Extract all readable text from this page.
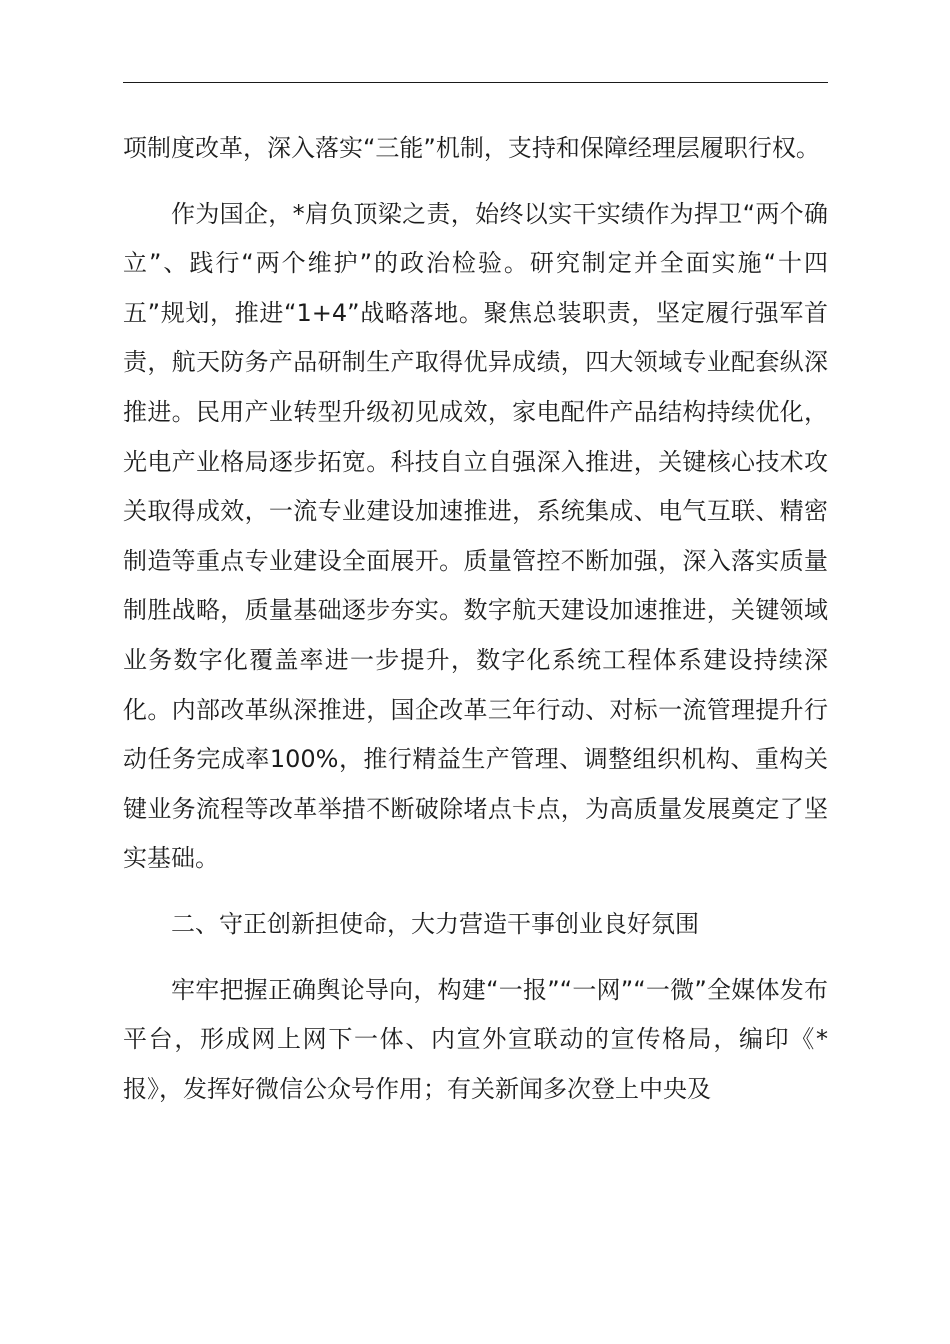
项制度改革，深入落实“三能”机制，支持和保障经理层履职行权。

作为国企，*肩负顶梁之责，始终以实干实绩作为捍卫“两个确立”、践行“两个维护”的政治检验。研究制定并全面实施“十四五”规划，推进“1+4”战略落地。聚焦总装职责，坚定履行强军首责，航天防务产品研制生产取得优异成绩，四大领域专业配套纵深推进。民用产业转型升级初见成效，家电配件产品结构持续优化，光电产业格局逐步拓宽。科技自立自强深入推进，关键核心技术攻关取得成效，一流专业建设加速推进，系统集成、电气互联、精密制造等重点专业建设全面展开。质量管控不断加强，深入落实质量制胜战略，质量基础逐步夯实。数字航天建设加速推进，关键领域业务数字化覆盖率进一步提升，数字化系统工程体系建设持续深化。内部改革纵深推进，国企改革三年行动、对标一流管理提升行动任务完成率100%，推行精益生产管理、调整组织机构、重构关键业务流程等改革举措不断破除堵点卡点，为高质量发展奠定了坚实基础。

二、守正创新担使命，大力营造干事创业良好氛围

牢牢把握正确舆论导向，构建“一报”“一网”“一微”全媒体发布平台，形成网上网下一体、内宣外宣联动的宣传格局，编印《*报》，发挥好微信公众号作用；有关新闻多次登上中央及
